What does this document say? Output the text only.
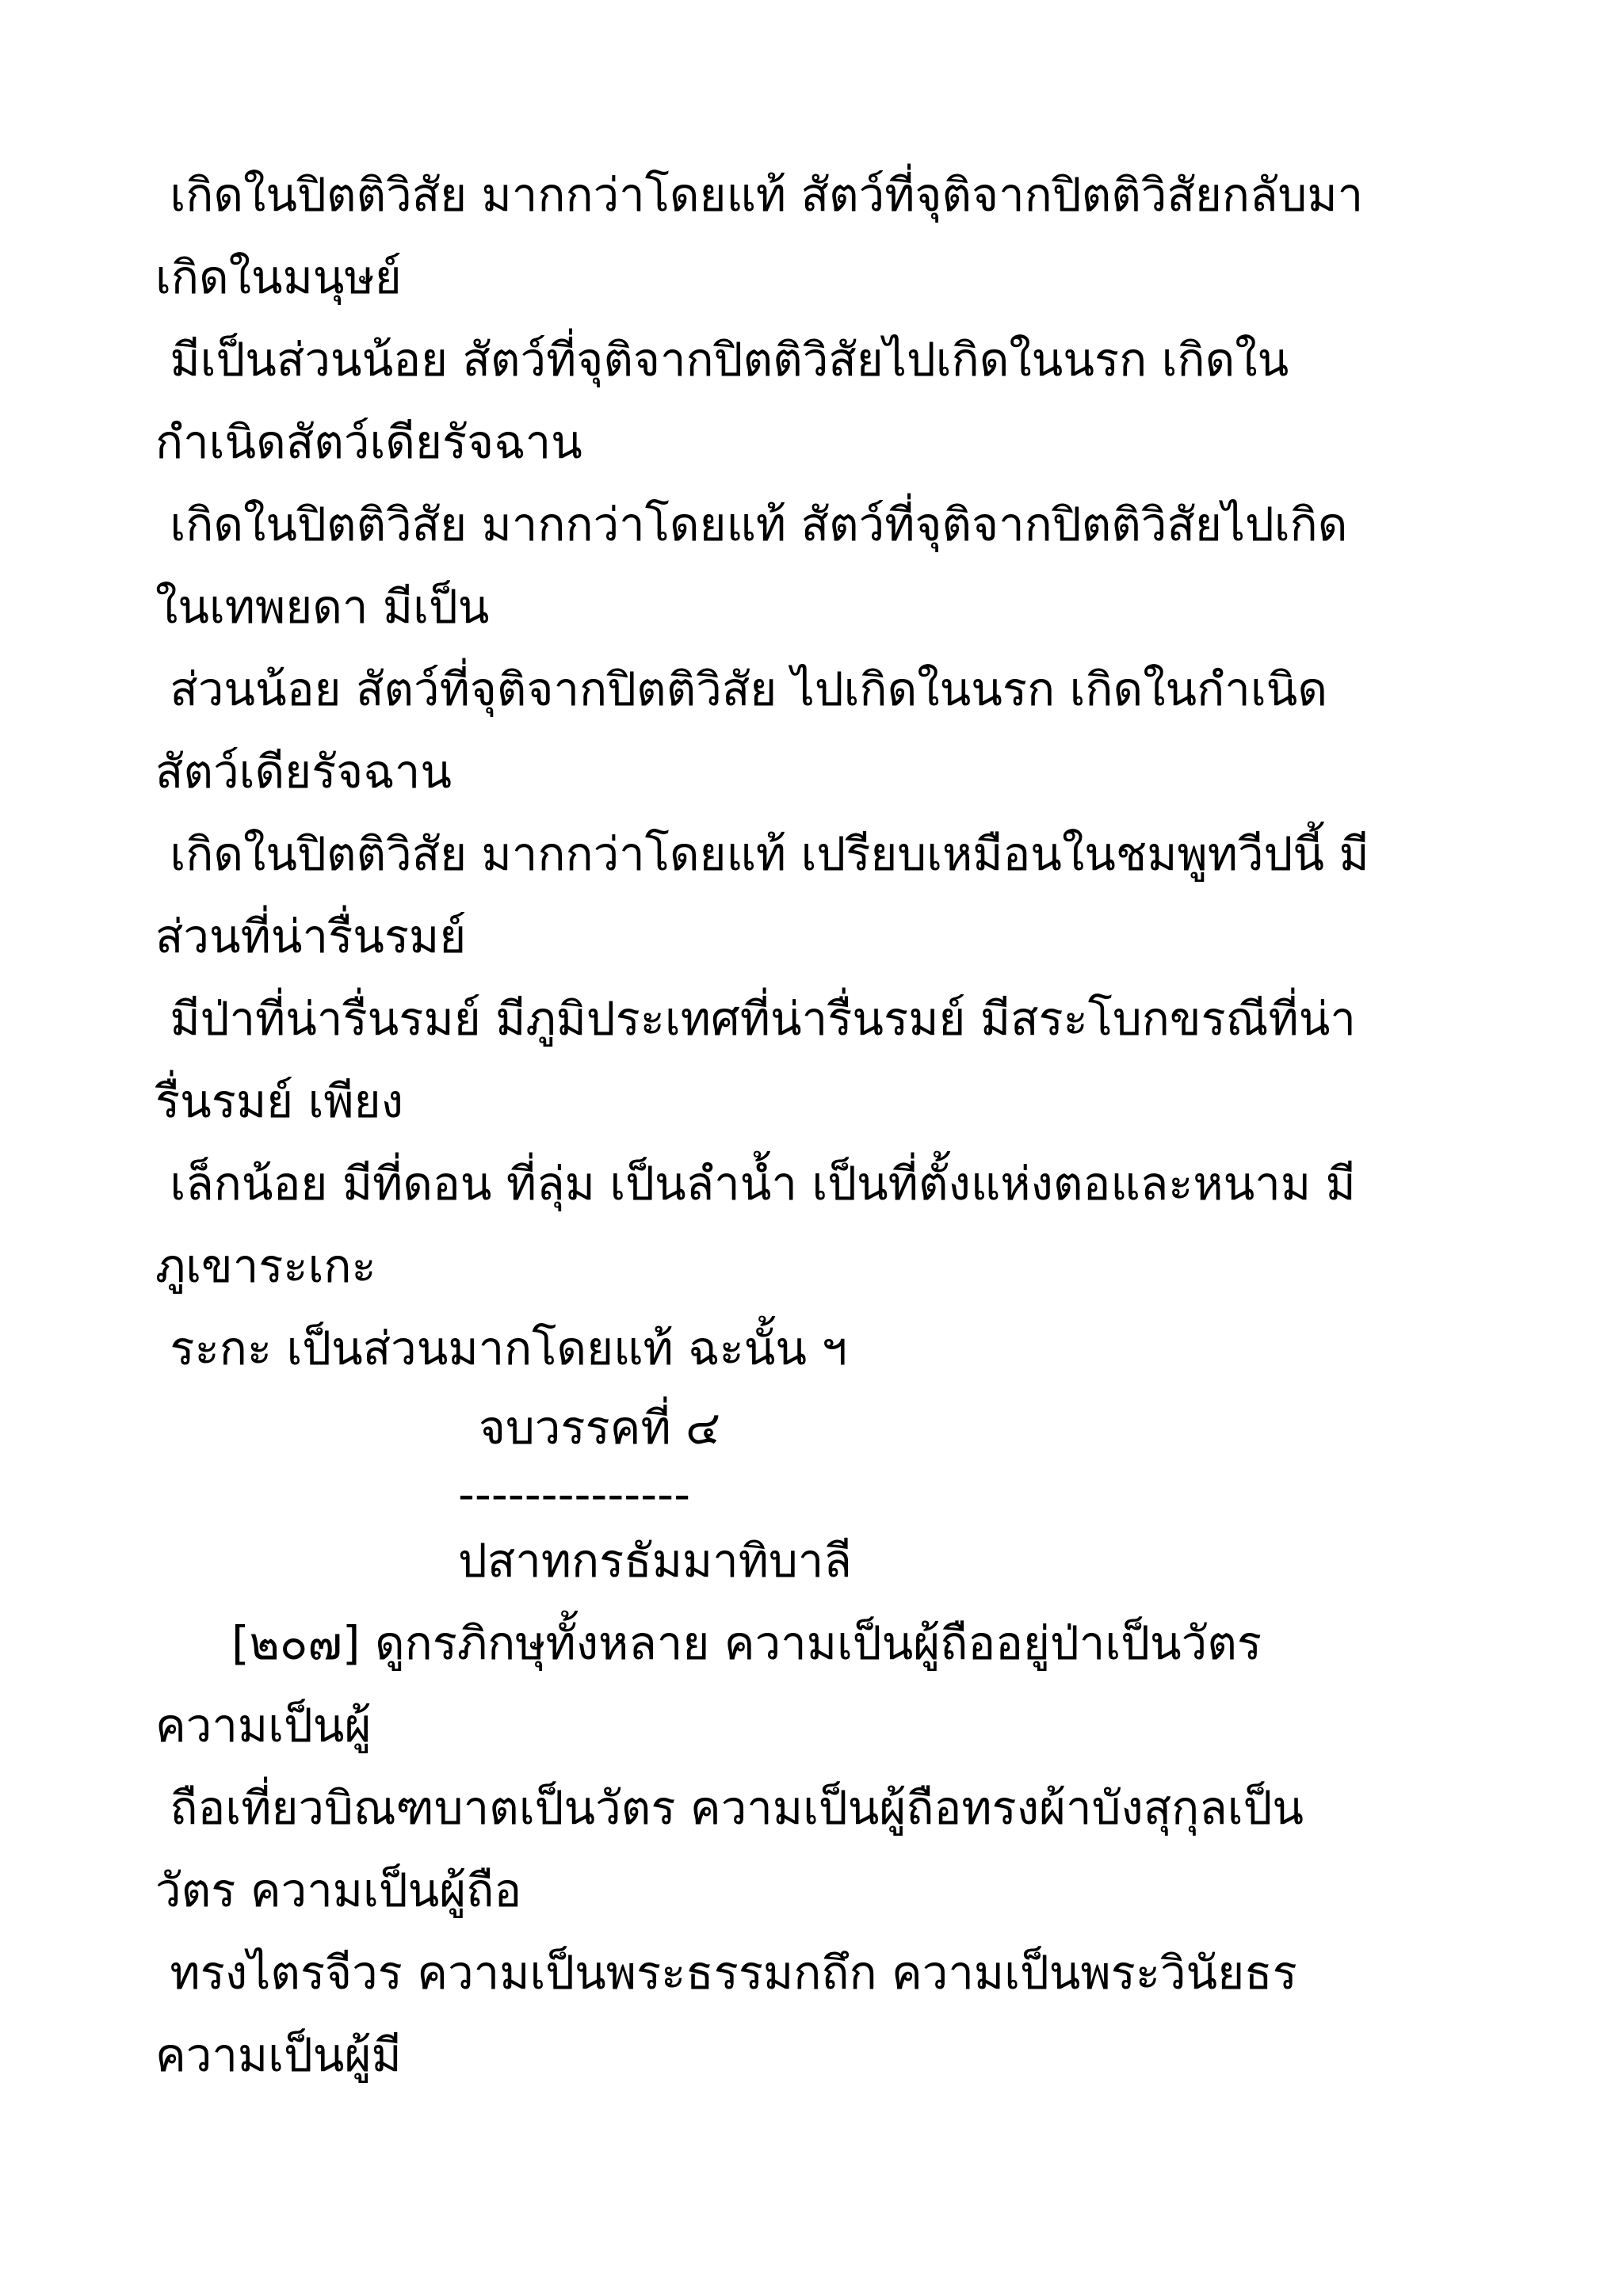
เกิดในปิตติวิสัย มากกว่าโดยแท้ สัตว์ที่จุติจากปิตติวิสัยกลับมา
เกิดในมนุษย์
มีเป็นส่วนน้อย สัตว์ที่จุติจากปิตติวิสัยไปเกิดในนรก เกิดใน
กำเนิดสัตว์เดียรัจฉาน
เกิดในปิตติวิสัย มากกว่าโดยแท้ สัตว์ที่จุติจากปิตติวิสัยไปเกิด
ในเทพยดา มีเป็น
ส่วนน้อย สัตว์ที่จุติจากปิตติวิสัย ไปเกิดในนรก เกิดในกำเนิด
สัตว์เดียรัจฉาน
เกิดในปิตติวิสัย มากกว่าโดยแท้ เปรียบเหมือนในชมพูทวีปนี้ มี
ส่วนที่น่ารื่นรมย์
มีป่าที่น่ารื่นรมย์ มีภูมิประเทศที่น่ารื่นรมย์ มีสระโบกขรณีที่น่า
รื่นรมย์ เพียง
เล็กน้อย มีที่ดอน ที่ลุ่ม เป็นลำน้ำ เป็นที่ตั้งแห่งตอและหนาม มี
ภูเขาระเกะ
ระกะ เป็นส่วนมากโดยแท้ ฉะนั้น ฯ
จบวรรคที่ ๔
--------------
ปสาทกรธัมมาทิบาลี
[๒๐๗] ดูกรภิกษุทั้งหลาย ความเป็นผู้ถืออยู่ป่าเป็นวัตร
ความเป็นผู้
ถือเที่ยวบิณฑบาตเป็นวัตร ความเป็นผู้ถือทรงผ้าบังสุกุลเป็น
วัตร ความเป็นผู้ถือ
ทรงไตรจีวร ความเป็นพระธรรมกถึก ความเป็นพระวินัยธร
ความเป็นผู้มี
